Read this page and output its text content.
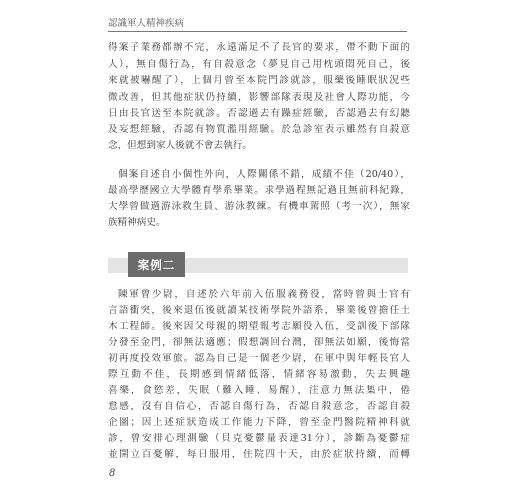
認識軍人精神疾病
得案子業務都辦不完，永遠滿足不了長官的要求，帶不動下面的
人），無自傷行為，有自殺意念（夢見自己用枕頭悶死自己，後
來就被嚇醒了），上個月曾至本院門診就診，服藥後睡眠狀況些
微改善，但其他症狀仍持續，影響部隊表現及社會人際功能，今
日由長官送至本院就診。否認過去有躁症經驗，否認過去有幻聽
及妄想經驗，否認有物質濫用經驗。於急診室表示雖然有自殺意
念，但想到家人後就不會去執行。
個案自述自小個性外向，人際關係不錯，成績不佳（20/40），
最高學歷國立大學體育學系畢業。求學過程無記過且無前科紀錄，
大學曾做過游泳救生員、游泳教練。有機車駕照（考一次），無家
族精神病史。
案例二
陳軍曾少尉，自述於六年前入伍服義務役，當時曾與士官有
言語衝突，後來退伍後就讀某技術學院外語系，畢業後曾擔任土
木工程師。後來因父母親的期望報考志願役入伍，受訓後下部隊
分發至金門，卻無法適應；假想調回台灣，卻無法如願，後悔當
初再度投效軍旅。認為自己是一個老少尉，在軍中與年輕長官人
際互動不佳，長期感到情緒低落，情緒容易激動，失去興趣
喜樂，食慾差，失眠（難入睡、易醒），注意力無法集中，倦
怠感，沒有自信心，否認自傷行為，否認自殺意念，否認自殺
企圖；因上述症狀造成工作能力下降，曾至金門醫院精神科就
診，曾安排心理測驗（貝克憂鬱量表達31分），診斷為憂鬱症
並開立百憂解，每日服用，住院四十天，由於症狀持續，而轉
8
